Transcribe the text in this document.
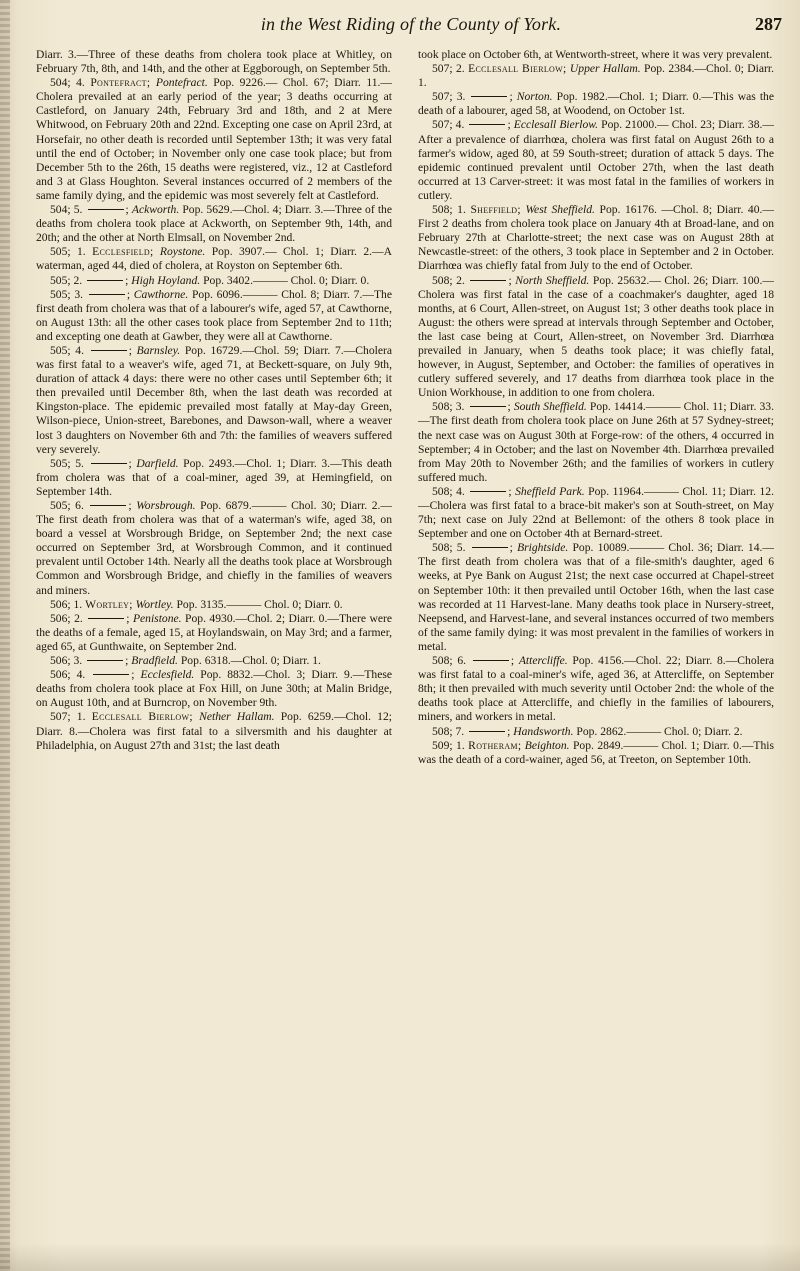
in the West Riding of the County of York.	287

Diarr. 3.—Three of these deaths from cholera took place at Whitley, on February 7th, 8th, and 14th, and the other at Eggborough, on September 5th.

504; 4. Pontefract; Pontefract. Pop. 9226.— Chol. 67; Diarr. 11.—Cholera prevailed at an early period of the year; 3 deaths occurring at Castleford, on January 24th, February 3rd and 18th, and 2 at Mere Whitwood, on February 20th and 22nd. Excepting one case on April 23rd, at Horsefair, no other death is recorded until September 13th; it was very fatal until the end of October; in November only one case took place; but from December 5th to the 26th, 15 deaths were registered, viz., 12 at Castleford and 3 at Glass Houghton. Several instances occurred of 2 members of the same family dying, and the epidemic was most severely felt at Castleford.

504; 5.	; Ackworth. Pop. 5629.—Chol. 4; Diarr. 3.—Three of the deaths from cholera took place at Ackworth, on September 9th, 14th, and 20th; and the other at North Elmsall, on November 2nd.

505; 1. Ecclesfield; Roystone. Pop. 3907.— Chol. 1; Diarr. 2.—A waterman, aged 44, died of cholera, at Royston on September 6th.

505; 2.	; High Hoyland. Pop. 3402.——— Chol. 0; Diarr. 0.

505; 3.	; Cawthorne. Pop. 6096.——— Chol. 8; Diarr. 7.—The first death from cholera was that of a labourer's wife, aged 57, at Cawthorne, on August 13th: all the other cases took place from September 2nd to 11th; and excepting one death at Gawber, they were all at Cawthorne.

505; 4.	; Barnsley. Pop. 16729.—Chol. 59; Diarr. 7.—Cholera was first fatal to a weaver's wife, aged 71, at Beckett-square, on July 9th, duration of attack 4 days: there were no other cases until September 6th; it then prevailed until December 8th, when the last death was recorded at Kingston-place. The epidemic prevailed most fatally at May-day Green, Wilson-piece, Union-street, Barebones, and Dawson-wall, where a weaver lost 3 daughters on November 6th and 7th: the families of weavers suffered very severely.

505; 5.	; Darfield. Pop. 2493.—Chol. 1; Diarr. 3.—This death from cholera was that of a coal-miner, aged 39, at Hemingfield, on September 14th.

505; 6.	; Worsbrough. Pop. 6879.——— Chol. 30; Diarr. 2.—The first death from cholera was that of a waterman's wife, aged 38, on board a vessel at Worsbrough Bridge, on September 2nd; the next case occurred on September 3rd, at Worsbrough Common, and it continued prevalent until October 14th. Nearly all the deaths took place at Worsbrough Common and Worsbrough Bridge, and chiefly in the families of weavers and miners.

506; 1. Wortley; Wortley. Pop. 3135.——— Chol. 0; Diarr. 0.

506; 2.	; Penistone. Pop. 4930.—Chol. 2; Diarr. 0.—There were the deaths of a female, aged 15, at Hoylandswain, on May 3rd; and a farmer, aged 65, at Gunthwaite, on September 2nd.

506; 3.	; Bradfield. Pop. 6318.—Chol. 0; Diarr. 1.

506; 4.	; Ecclesfield. Pop. 8832.—Chol. 3; Diarr. 9.—These deaths from cholera took place at Fox Hill, on June 30th; at Malin Bridge, on August 10th, and at Burncrop, on November 9th.

507; 1. Ecclesall Bierlow; Nether Hallam. Pop. 6259.—Chol. 12; Diarr. 8.—Cholera was first fatal to a silversmith and his daughter at Philadelphia, on August 27th and 31st; the last death

took place on October 6th, at Wentworth-street, where it was very prevalent.

507; 2. Ecclesall Bierlow; Upper Hallam. Pop. 2384.—Chol. 0; Diarr. 1.

507; 3.	; Norton. Pop. 1982.—Chol. 1; Diarr. 0.—This was the death of a labourer, aged 58, at Woodend, on October 1st.

507; 4.	; Ecclesall Bierlow. Pop. 21000.— Chol. 23; Diarr. 38.—After a prevalence of diarrhœa, cholera was first fatal on August 26th to a farmer's widow, aged 80, at 59 South-street; duration of attack 5 days. The epidemic continued prevalent until October 27th, when the last death occurred at 13 Carver-street: it was most fatal in the families of workers in cutlery.

508; 1. Sheffield; West Sheffield. Pop. 16176. —Chol. 8; Diarr. 40.—First 2 deaths from cholera took place on January 4th at Broad-lane, and on February 27th at Charlotte-street; the next case was on August 28th at Newcastle-street: of the others, 3 took place in September and 2 in October. Diarrhœa was chiefly fatal from July to the end of October.

508; 2.	; North Sheffield. Pop. 25632.— Chol. 26; Diarr. 100.—Cholera was first fatal in the case of a coachmaker's daughter, aged 18 months, at 6 Court, Allen-street, on August 1st; 3 other deaths took place in August: the others were spread at intervals through September and October, the last case being at Court, Allen-street, on November 3rd. Diarrhœa prevailed in January, when 5 deaths took place; it was chiefly fatal, however, in August, September, and October: the families of operatives in cutlery suffered severely, and 17 deaths from diarrhœa took place in the Union Workhouse, in addition to one from cholera.

508; 3.	; South Sheffield. Pop. 14414.——— Chol. 11; Diarr. 33.—The first death from cholera took place on June 26th at 57 Sydney-street; the next case was on August 30th at Forge-row: of the others, 4 occurred in September; 4 in October; and the last on November 4th. Diarrhœa prevailed from May 20th to November 26th; and the families of workers in cutlery suffered much.

508; 4.	; Sheffield Park. Pop. 11964.——— Chol. 11; Diarr. 12.—Cholera was first fatal to a brace-bit maker's son at South-street, on May 7th; next case on July 22nd at Bellemont: of the others 8 took place in September and one on October 4th at Bernard-street.

508; 5.	; Brightside. Pop. 10089.——— Chol. 36; Diarr. 14.—The first death from cholera was that of a file-smith's daughter, aged 6 weeks, at Pye Bank on August 21st; the next case occurred at Chapel-street on September 10th: it then prevailed until October 16th, when the last case was recorded at 11 Harvest-lane. Many deaths took place in Nursery-street, Neepsend, and Harvest-lane, and several instances occurred of two members of the same family dying: it was most prevalent in the families of workers in metal.

508; 6.	; Attercliffe. Pop. 4156.—Chol. 22; Diarr. 8.—Cholera was first fatal to a coal-miner's wife, aged 36, at Attercliffe, on September 8th; it then prevailed with much severity until October 2nd: the whole of the deaths took place at Attercliffe, and chiefly in the families of labourers, miners, and workers in metal.

508; 7.	; Handsworth. Pop. 2862.——— Chol. 0; Diarr. 2.

509; 1. Rotheram; Beighton. Pop. 2849.——— Chol. 1; Diarr. 0.—This was the death of a cord-wainer, aged 56, at Treeton, on September 10th.
